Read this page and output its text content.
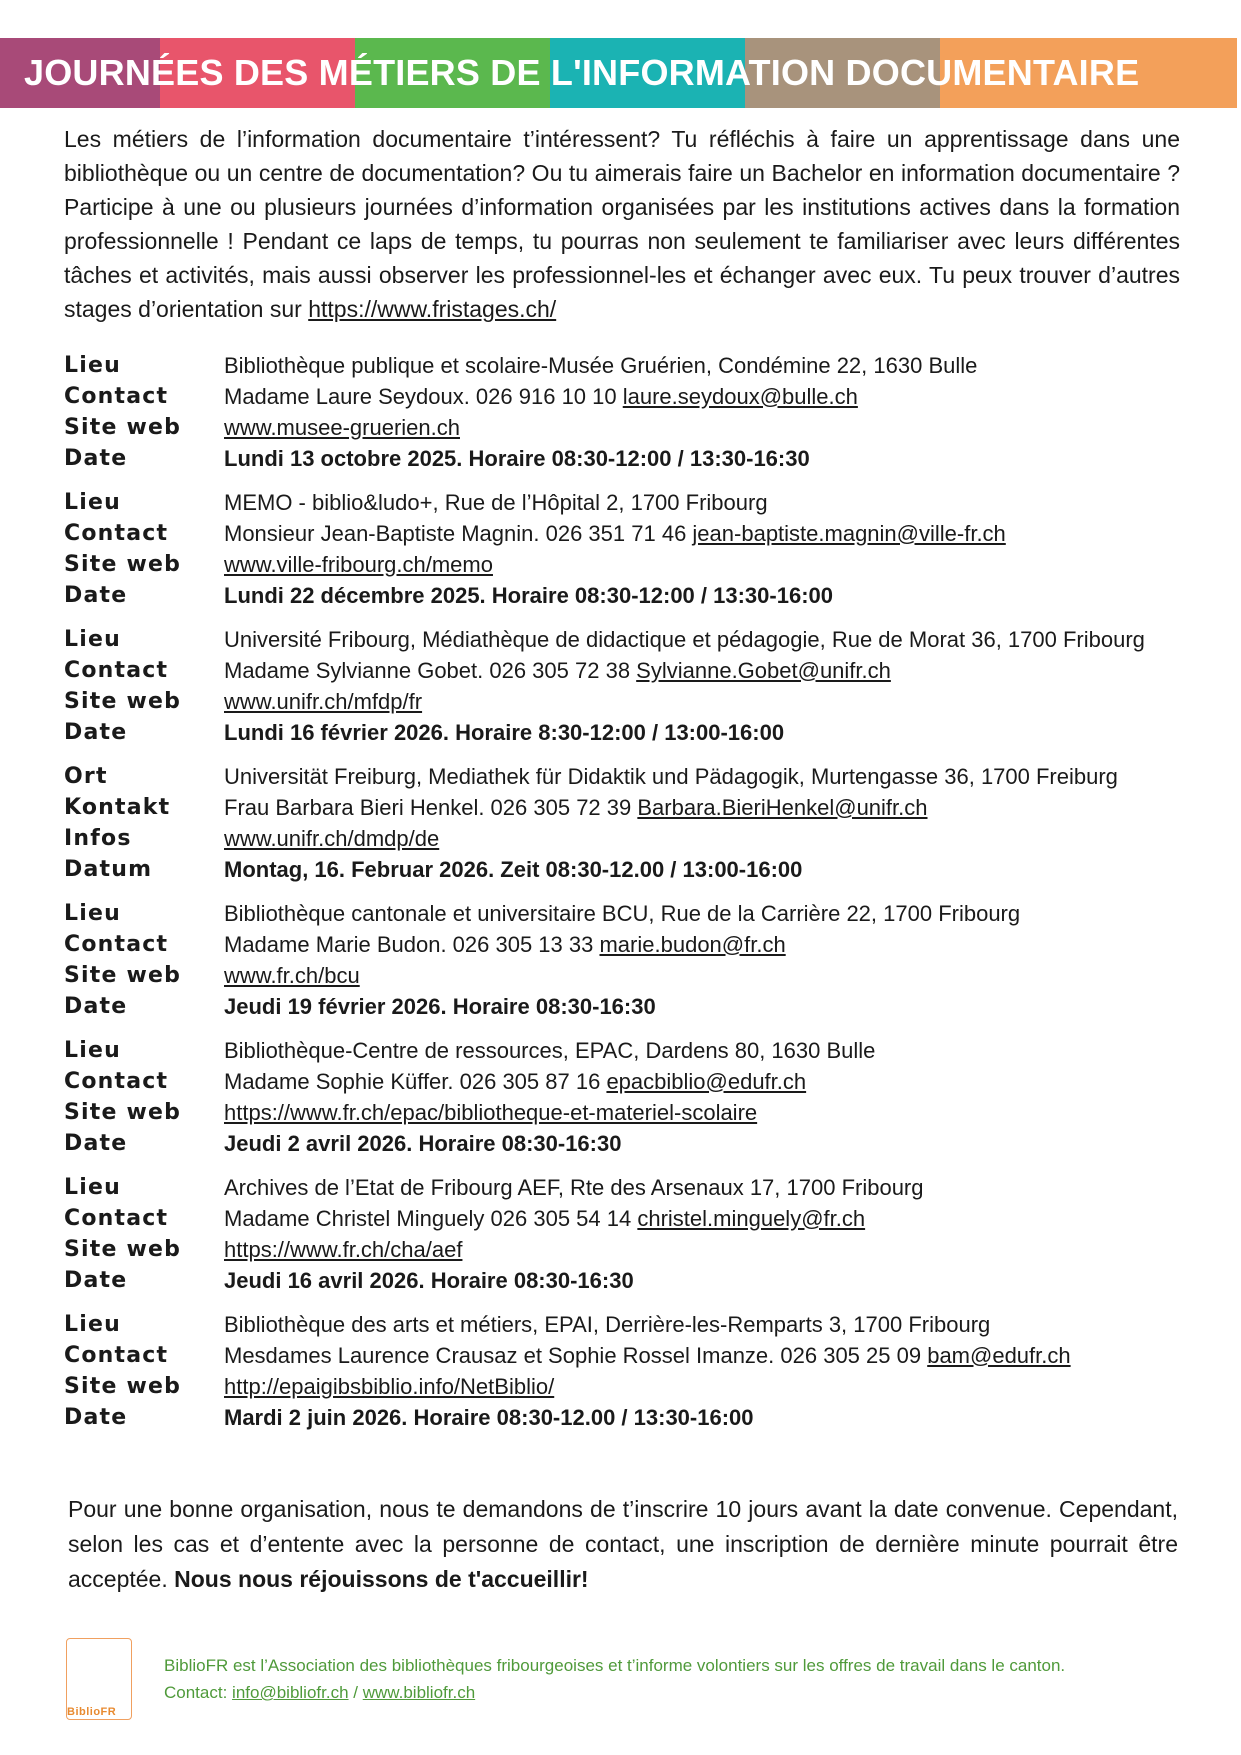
JOURNÉES DES MÉTIERS DE L'INFORMATION DOCUMENTAIRE

Les métiers de l’information documentaire t’intéressent? Tu réfléchis à faire un apprentissage dans une bibliothèque ou un centre de documentation? Ou tu aimerais faire un Bachelor en information documentaire ? Participe à une ou plusieurs journées d’information organisées par les institutions actives dans la formation professionnelle ! Pendant ce laps de temps, tu pourras non seulement te familiariser avec leurs différentes tâches et activités, mais aussi observer les professionnel-les et échanger avec eux. Tu peux trouver d’autres stages d’orientation sur https://www.fristages.ch/

Lieu	Bibliothèque publique et scolaire-Musée Gruérien, Condémine 22, 1630 Bulle
Contact	Madame Laure Seydoux. 026 916 10 10 laure.seydoux@bulle.ch
Site web	www.musee-gruerien.ch
Date	Lundi 13 octobre 2025. Horaire 08:30-12:00 / 13:30-16:30
Lieu	MEMO - biblio&ludo+, Rue de l’Hôpital 2, 1700 Fribourg
Contact	Monsieur Jean-Baptiste Magnin. 026 351 71 46 jean-baptiste.magnin@ville-fr.ch
Site web	www.ville-fribourg.ch/memo
Date	Lundi 22 décembre 2025. Horaire 08:30-12:00 / 13:30-16:00
Lieu	Université Fribourg, Médiathèque de didactique et pédagogie, Rue de Morat 36, 1700 Fribourg
Contact	Madame Sylvianne Gobet. 026 305 72 38 Sylvianne.Gobet@unifr.ch
Site web	www.unifr.ch/mfdp/fr
Date	Lundi 16 février 2026. Horaire 8:30-12:00 / 13:00-16:00
Ort	Universität Freiburg, Mediathek für Didaktik und Pädagogik, Murtengasse 36, 1700 Freiburg
Kontakt	Frau Barbara Bieri Henkel. 026 305 72 39 Barbara.BieriHenkel@unifr.ch
Infos	www.unifr.ch/dmdp/de
Datum	Montag, 16. Februar 2026. Zeit 08:30-12.00 / 13:00-16:00
Lieu	Bibliothèque cantonale et universitaire BCU, Rue de la Carrière 22, 1700 Fribourg
Contact	Madame Marie Budon. 026 305 13 33 marie.budon@fr.ch
Site web	www.fr.ch/bcu
Date	Jeudi 19 février 2026. Horaire 08:30-16:30
Lieu	Bibliothèque-Centre de ressources, EPAC, Dardens 80, 1630 Bulle
Contact	Madame Sophie Küffer. 026 305 87 16 epacbiblio@edufr.ch
Site web	https://www.fr.ch/epac/bibliotheque-et-materiel-scolaire
Date	Jeudi 2 avril 2026. Horaire 08:30-16:30
Lieu	Archives de l’Etat de Fribourg AEF, Rte des Arsenaux 17, 1700 Fribourg
Contact	Madame Christel Minguely 026 305 54 14 christel.minguely@fr.ch
Site web	https://www.fr.ch/cha/aef
Date	Jeudi 16 avril 2026. Horaire 08:30-16:30
Lieu	Bibliothèque des arts et métiers, EPAI, Derrière-les-Remparts 3, 1700 Fribourg
Contact	Mesdames Laurence Crausaz et Sophie Rossel Imanze. 026 305 25 09 bam@edufr.ch
Site web	http://epaigibsbiblio.info/NetBiblio/
Date	Mardi 2 juin 2026. Horaire 08:30-12.00 / 13:30-16:00

Pour une bonne organisation, nous te demandons de t’inscrire 10 jours avant la date convenue. Cependant, selon les cas et d’entente avec la personne de contact, une inscription de dernière minute pourrait être acceptée. Nous nous réjouissons de t'accueillir!

BiblioFR
BiblioFR est l’Association des bibliothèques fribourgeoises et t’informe volontiers sur les offres de travail dans le canton.
Contact: info@bibliofr.ch / www.bibliofr.ch
